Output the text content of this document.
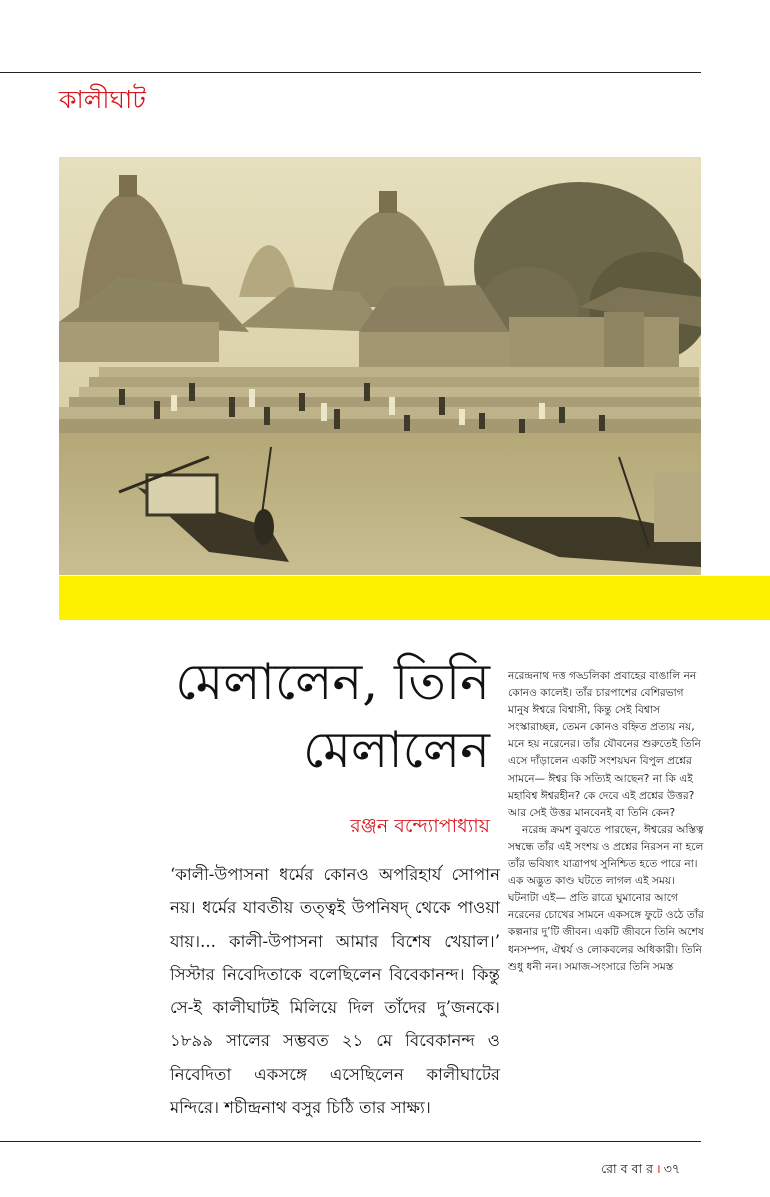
কালীঘাট
মেলালেন, তিনি
মেলালেন
রঞ্জন বন্দ্যোপাধ্যায়
‘কালী-উপাসনা ধর্মের কোনও অপরিহার্য সোপান নয়। ধর্মের যাবতীয় তত্ত্বই উপনিষদ্‌ থেকে পাওয়া যায়।... কালী-উপাসনা আমার বিশেষ খেয়াল।’ সিস্টার নিবেদিতাকে বলেছিলেন বিবেকানন্দ। কিন্তু সে-ই কালীঘাটই মিলিয়ে দিল তাঁদের দু’জনকে। ১৮৯৯ সালের সম্ভবত ২১ মে বিবেকানন্দ ও নিবেদিতা একসঙ্গে এসেছিলেন কালীঘাটের মন্দিরে। শচীন্দ্রনাথ বসুর চিঠি তার সাক্ষ্য।

নরেন্দ্রনাথ দত্ত গড্ডলিকা প্রবাহের বাঙালি নন কোনও কালেই। তাঁর চারপাশের বেশিরভাগ মানুষ ঈশ্বরে বিশ্বাসী, কিন্তু সেই বিশ্বাস সংস্কারাচ্ছন্ন, তেমন কোনও বহ্নিত প্রত্যয় নয়, মনে হয় নরেনের। তাঁর যৌবনের শুরুতেই তিনি এসে দাঁড়ালেন একটি সংশয়ঘন বিপুল প্রশ্নের সামনে— ঈশ্বর কি সত্যিই আছেন? না কি এই মহাবিশ্ব ঈশ্বরহীন? কে দেবে এই প্রশ্নের উত্তর? আর সেই উত্তর মানবেনই বা তিনি কেন?

নরেন্দ্র ক্রমশ বুঝতে পারছেন, ঈশ্বরের অস্তিত্ব সম্বন্ধে তাঁর এই সংশয় ও প্রশ্নের নিরসন না হলে তাঁর ভবিষ্যৎ যাত্রাপথ সুনিশ্চিত হতে পারে না। এক অদ্ভুত কাণ্ড ঘটতে লাগল এই সময়। ঘটনাটা এই— প্রতি রাত্রে ঘুমানোর আগে নরেনের চোখের সামনে একসঙ্গে ফুটে ওঠে তাঁর কল্পনার দু’টি জীবন। একটি জীবনে তিনি অশেষ ধনসম্পদ, ঐশ্বর্য ও লোকবলের অধিকারী। তিনি শুধু ধনী নন। সমাজ-সংসারে তিনি সমস্ত

রো ব বা র । ৩৭
